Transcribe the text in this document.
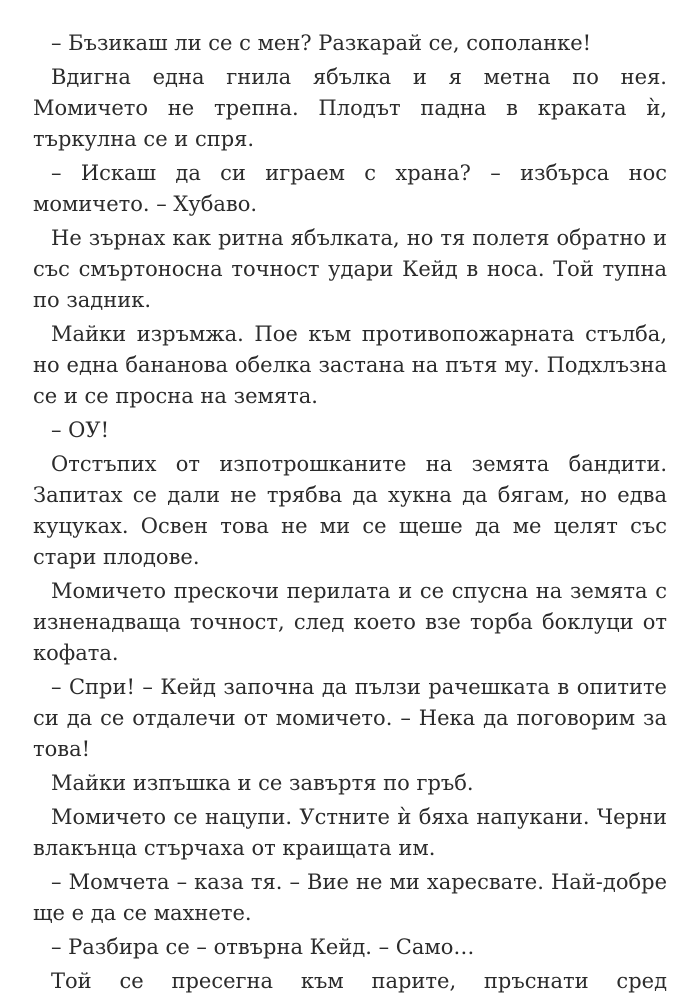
– Бъзикаш ли се с мен? Разкарай се, сополанке!

Вдигна една гнила ябълка и я метна по нея. Момичето не трепна. Плодът падна в краката ѝ, търкулна се и спря.

– Искаш да си играем с храна? – избърса нос момичето. – Хубаво.

Не зърнах как ритна ябълката, но тя полетя обратно и със смъртоносна точност удари Кейд в носа. Той тупна по задник.

Майки изръмжа. Пое към противопожарната стълба, но една бананова обелка застана на пътя му. Подхлъзна се и се просна на земята.

– ОУ!

Отстъпих от изпотрошканите на земята бандити. Запитах се дали не трябва да хукна да бягам, но едва куцуках. Освен това не ми се щеше да ме целят със стари плодове.

Момичето прескочи перилата и се спусна на земята с изненадваща точност, след което взе торба боклуци от кофата.

– Спри! – Кейд започна да пълзи рачешката в опитите си да се отдалечи от момичето. – Нека да поговорим за това!

Майки изпъшка и се завъртя по гръб.

Момичето се нацупи. Устните ѝ бяха напукани. Черни влакънца стърчаха от краищата им.

– Момчета – каза тя. – Вие не ми харесвате. Най-добре ще е да се махнете.

– Разбира се – отвърна Кейд. – Само…

Той се пресегна към парите, пръснати сред
